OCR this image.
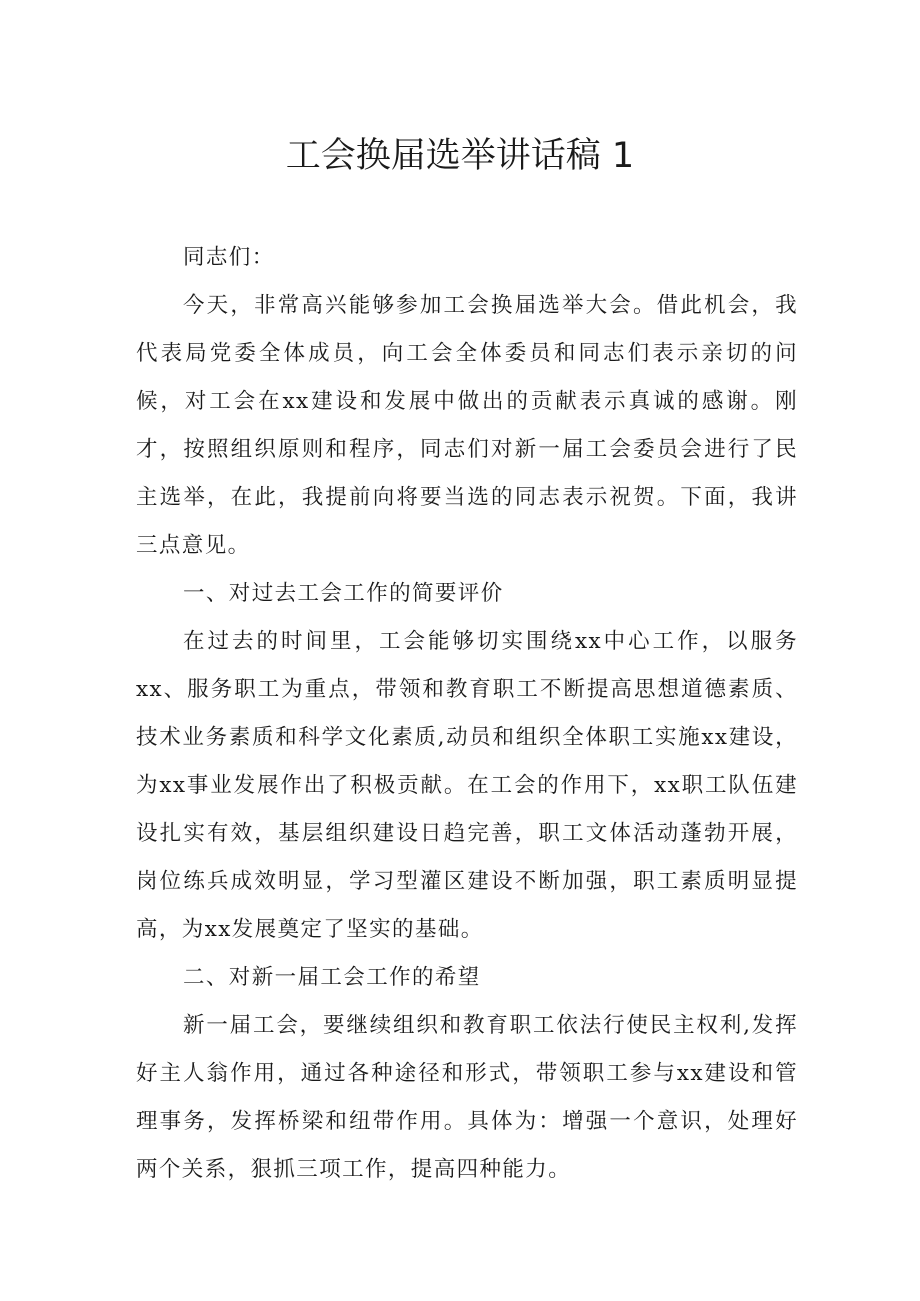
工会换届选举讲话稿 1

同志们：

今天，非常高兴能够参加工会换届选举大会。借此机会，我代表局党委全体成员，向工会全体委员和同志们表示亲切的问候，对工会在xx建设和发展中做出的贡献表示真诚的感谢。刚才，按照组织原则和程序，同志们对新一届工会委员会进行了民主选举，在此，我提前向将要当选的同志表示祝贺。下面，我讲三点意见。

一、对过去工会工作的简要评价

在过去的时间里，工会能够切实围绕xx中心工作，以服务xx、服务职工为重点，带领和教育职工不断提高思想道德素质、技术业务素质和科学文化素质,动员和组织全体职工实施xx建设，为xx事业发展作出了积极贡献。在工会的作用下，xx职工队伍建设扎实有效，基层组织建设日趋完善，职工文体活动蓬勃开展，岗位练兵成效明显，学习型灌区建设不断加强，职工素质明显提高，为xx发展奠定了坚实的基础。

二、对新一届工会工作的希望

新一届工会，要继续组织和教育职工依法行使民主权利,发挥好主人翁作用，通过各种途径和形式，带领职工参与xx建设和管理事务，发挥桥梁和纽带作用。具体为：增强一个意识，处理好两个关系，狠抓三项工作，提高四种能力。
